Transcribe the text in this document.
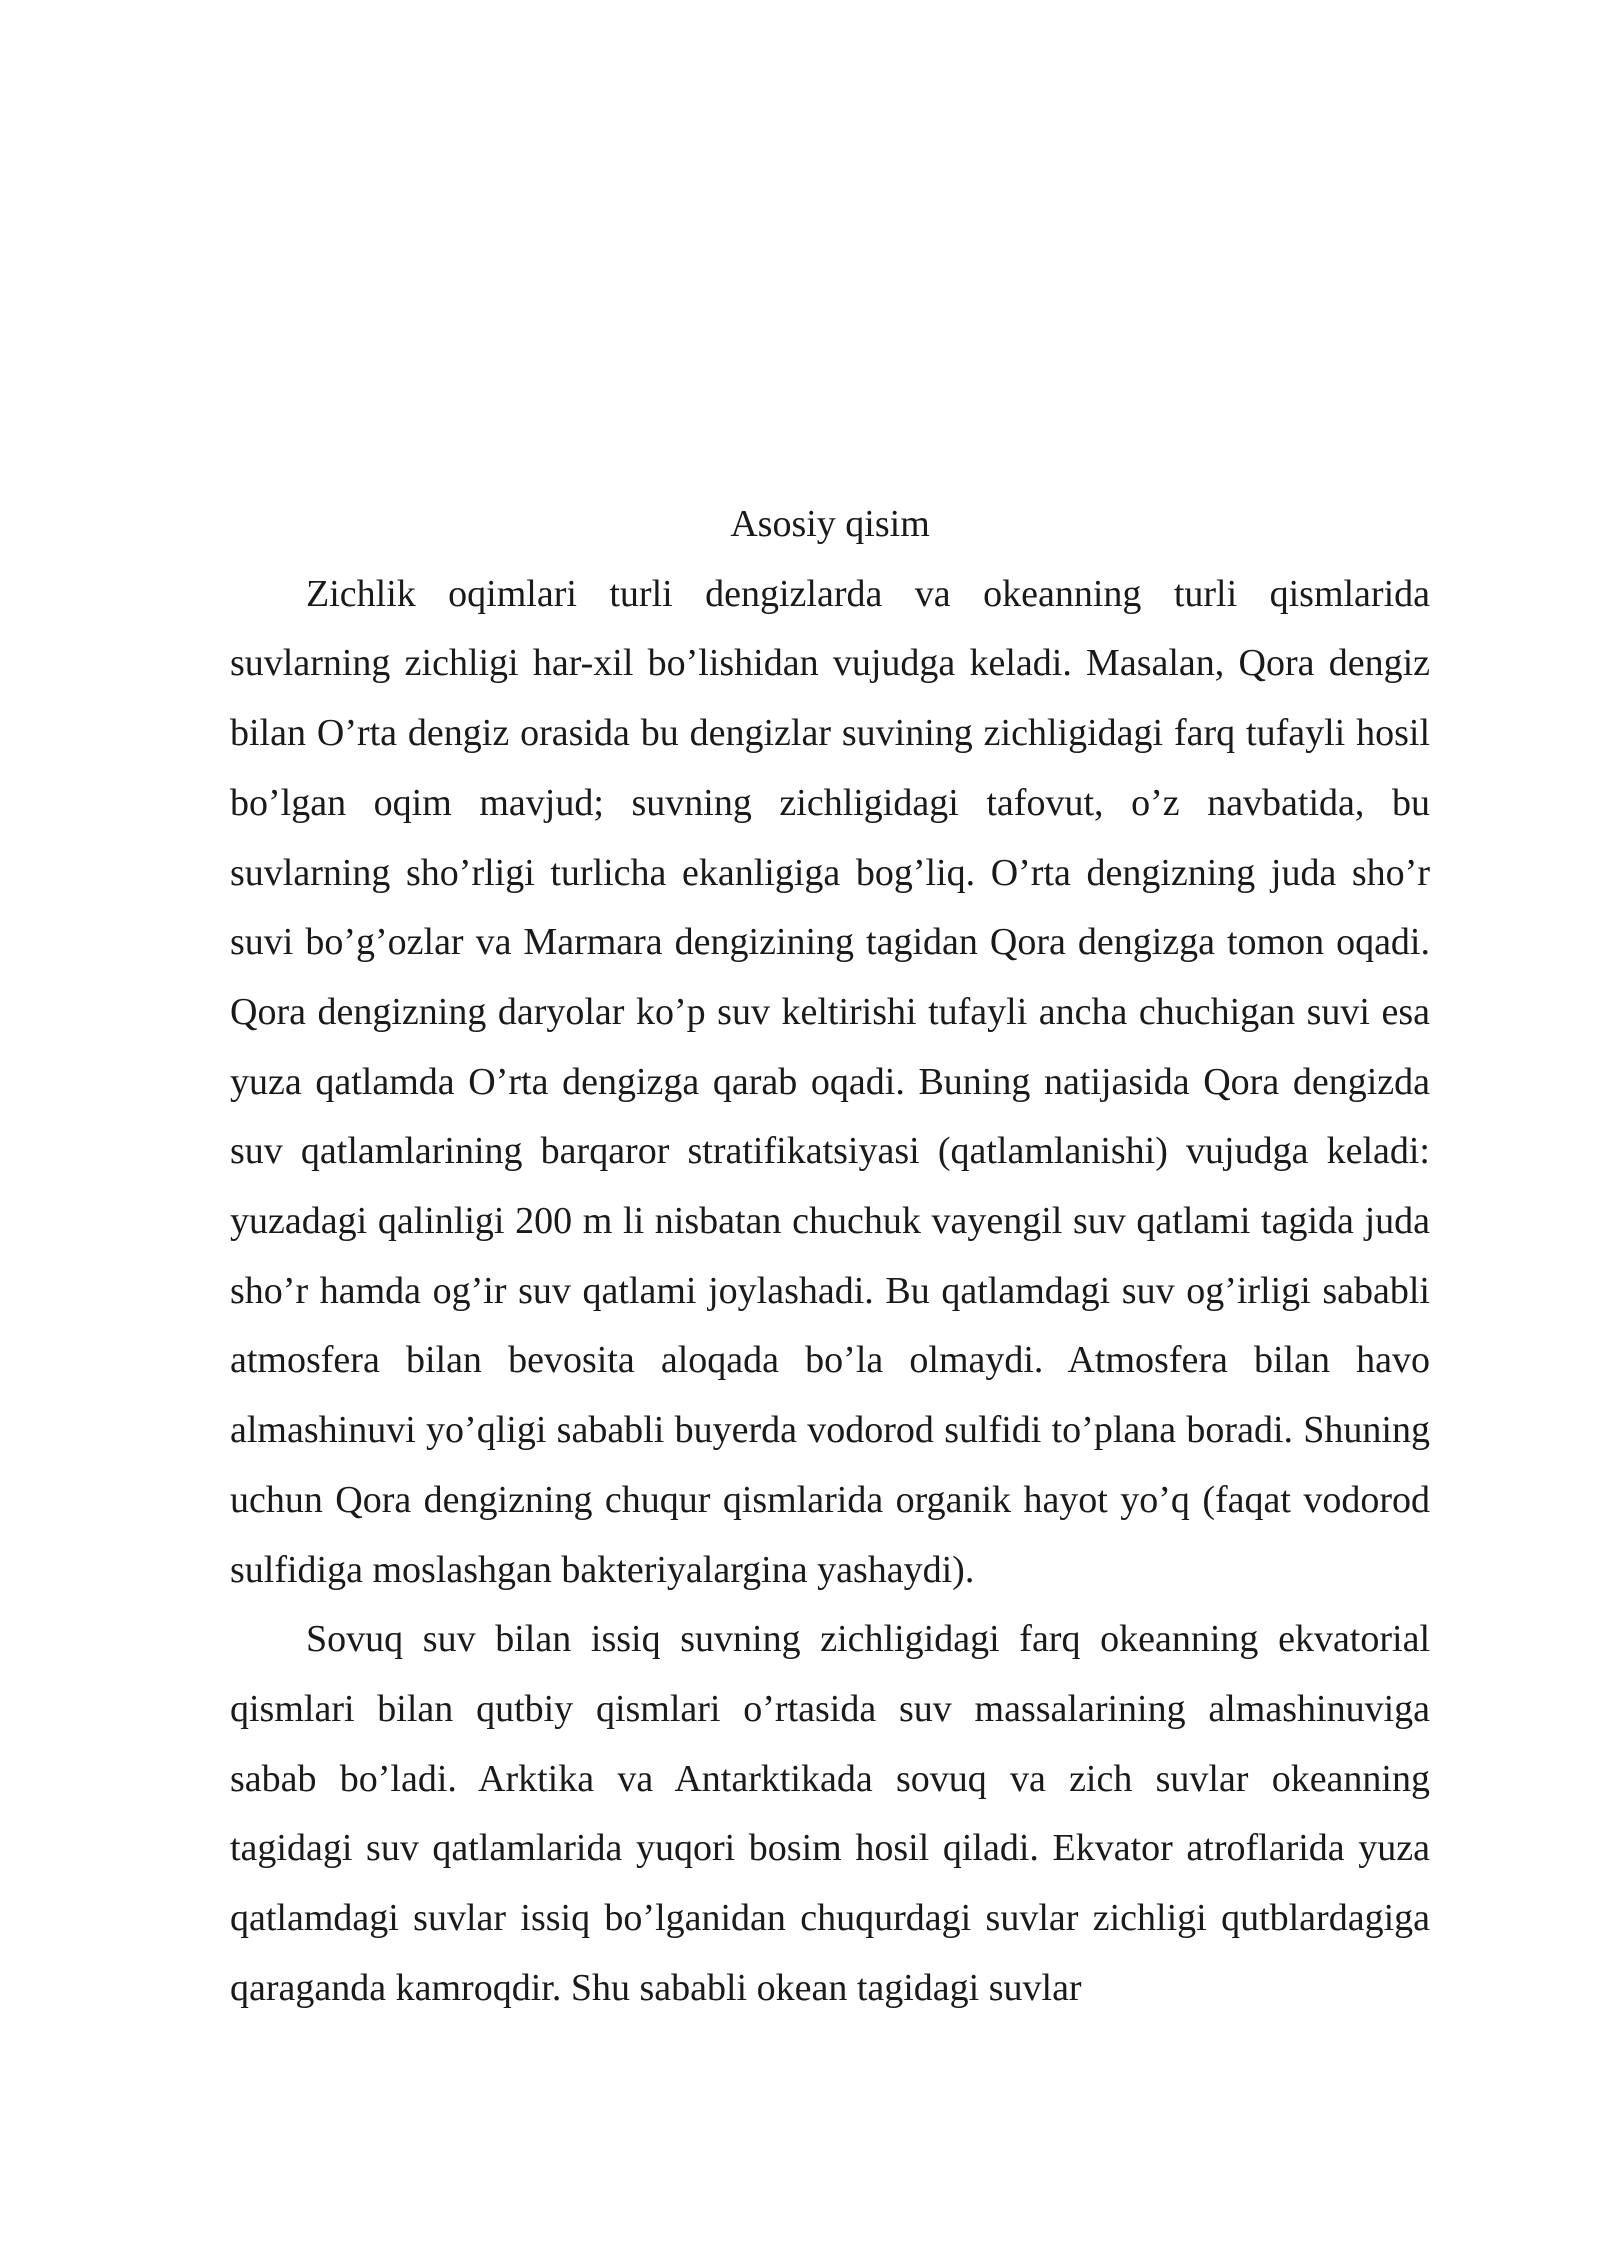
Asosiy qisim

Zichlik oqimlari turli dengizlarda va okeanning turli qismlarida suvlarning zichligi har-xil bo’lishidan vujudga keladi. Masalan, Qora dengiz bilan O’rta dengiz orasida bu dengizlar suvining zichligidagi farq tufayli hosil bo’lgan oqim mavjud; suvning zichligidagi tafovut, o’z navbatida, bu suvlarning sho’rligi turlicha ekanligiga bog’liq. O’rta dengizning juda sho’r suvi bo’g’ozlar va Marmara dengizining tagidan Qora dengizga tomon oqadi. Qora dengizning daryolar ko’p suv keltirishi tufayli ancha chuchigan suvi esa yuza qatlamda O’rta dengizga qarab oqadi. Buning natijasida Qora dengizda suv qatlamlarining barqaror stratifikatsiyasi (qatlamlanishi) vujudga keladi: yuzadagi qalinligi 200 m li nisbatan chuchuk vayengil suv qatlami tagida juda sho’r hamda og’ir suv qatlami joylashadi. Bu qatlamdagi suv og’irligi sababli atmosfera bilan bevosita aloqada bo’la olmaydi. Atmosfera bilan havo almashinuvi yo’qligi sababli buyerda vodorod sulfidi to’plana boradi. Shuning uchun Qora dengizning chuqur qismlarida organik hayot yo’q (faqat vodorod sulfidiga moslashgan bakteriyalargina yashaydi).

Sovuq suv bilan issiq suvning zichligidagi farq okeanning ekvatorial qismlari bilan qutbiy qismlari o’rtasida suv massalarining almashinuviga sabab bo’ladi. Arktika va Antarktikada sovuq va zich suvlar okeanning tagidagi suv qatlamlarida yuqori bosim hosil qiladi. Ekvator atroflarida yuza qatlamdagi suvlar issiq bo’lganidan chuqurdagi suvlar zichligi qutblardagiga qaraganda kamroqdir. Shu sababli okean tagidagi suvlar
